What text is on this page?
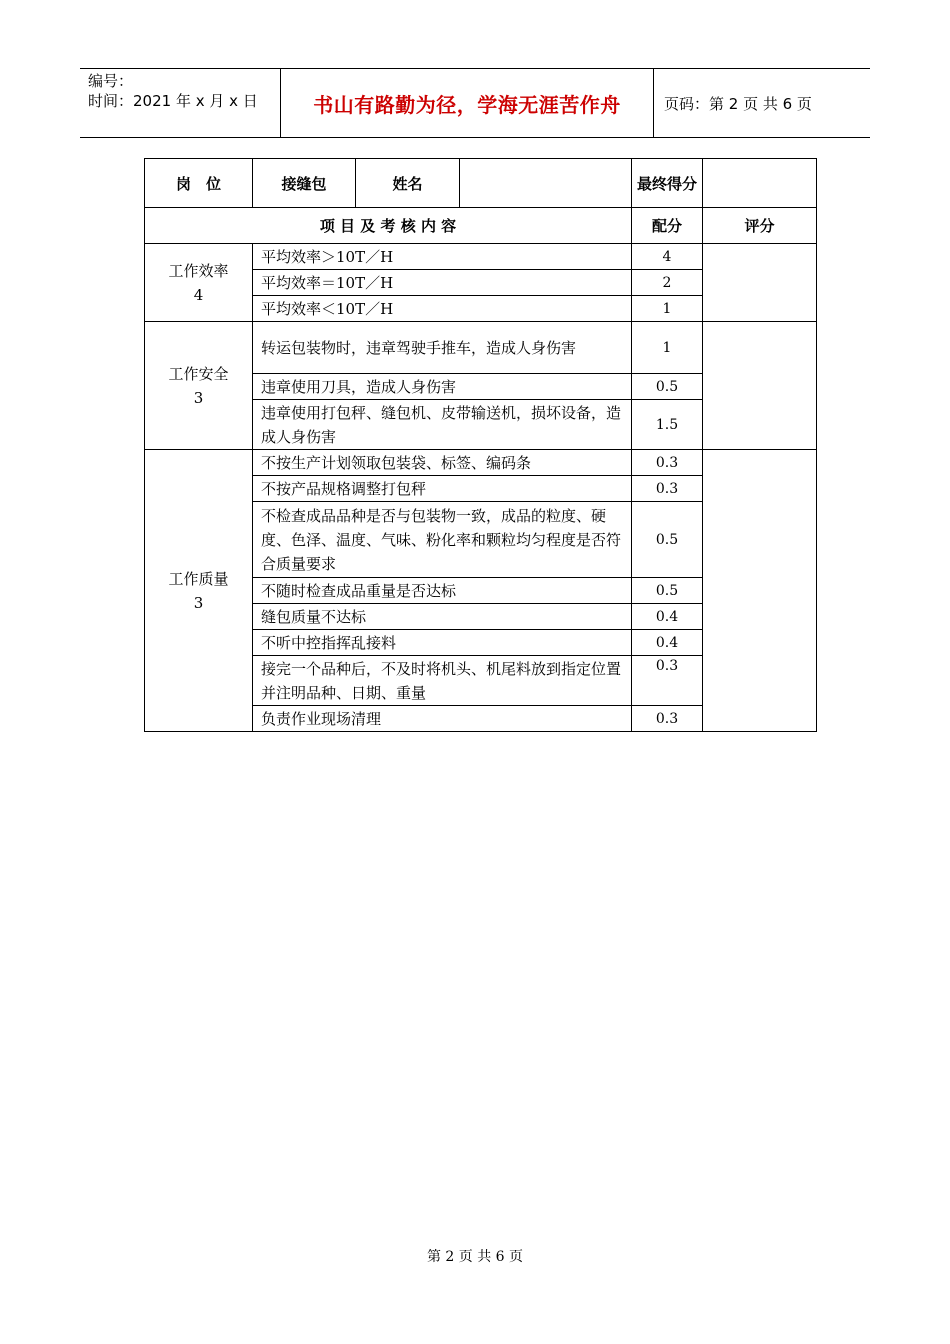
编号：
时间：2021 年 x 月 x 日	书山有路勤为径，学海无涯苦作舟	页码：第 2 页 共 6 页
岗　位	接缝包	姓名		最终得分	
项 目 及 考 核 内 容				配分	评分

工作效率
4	平均效率＞10T／H			4	
	平均效率＝10T／H			2	
	平均效率＜10T／H			1	

工作安全
3	转运包装物时，违章驾驶手推车，造成人身伤害			1	
	违章使用刀具，造成人身伤害			0.5	
	违章使用打包秤、缝包机、皮带输送机，损坏设备，造成人身伤害			1.5	

工作质量
3	不按生产计划领取包装袋、标签、编码条			0.3	
	不按产品规格调整打包秤			0.3	
	不检查成品品种是否与包装物一致，成品的粒度、硬度、色泽、温度、气味、粉化率和颗粒均匀程度是否符合质量要求			0.5	
	不随时检查成品重量是否达标			0.5	
	缝包质量不达标			0.4	
	不听中控指挥乱接料			0.4	
	接完一个品种后，不及时将机头、机尾料放到指定位置并注明品种、日期、重量			0.3	
	负责作业现场清理			0.3	
第 2 页 共 6 页
